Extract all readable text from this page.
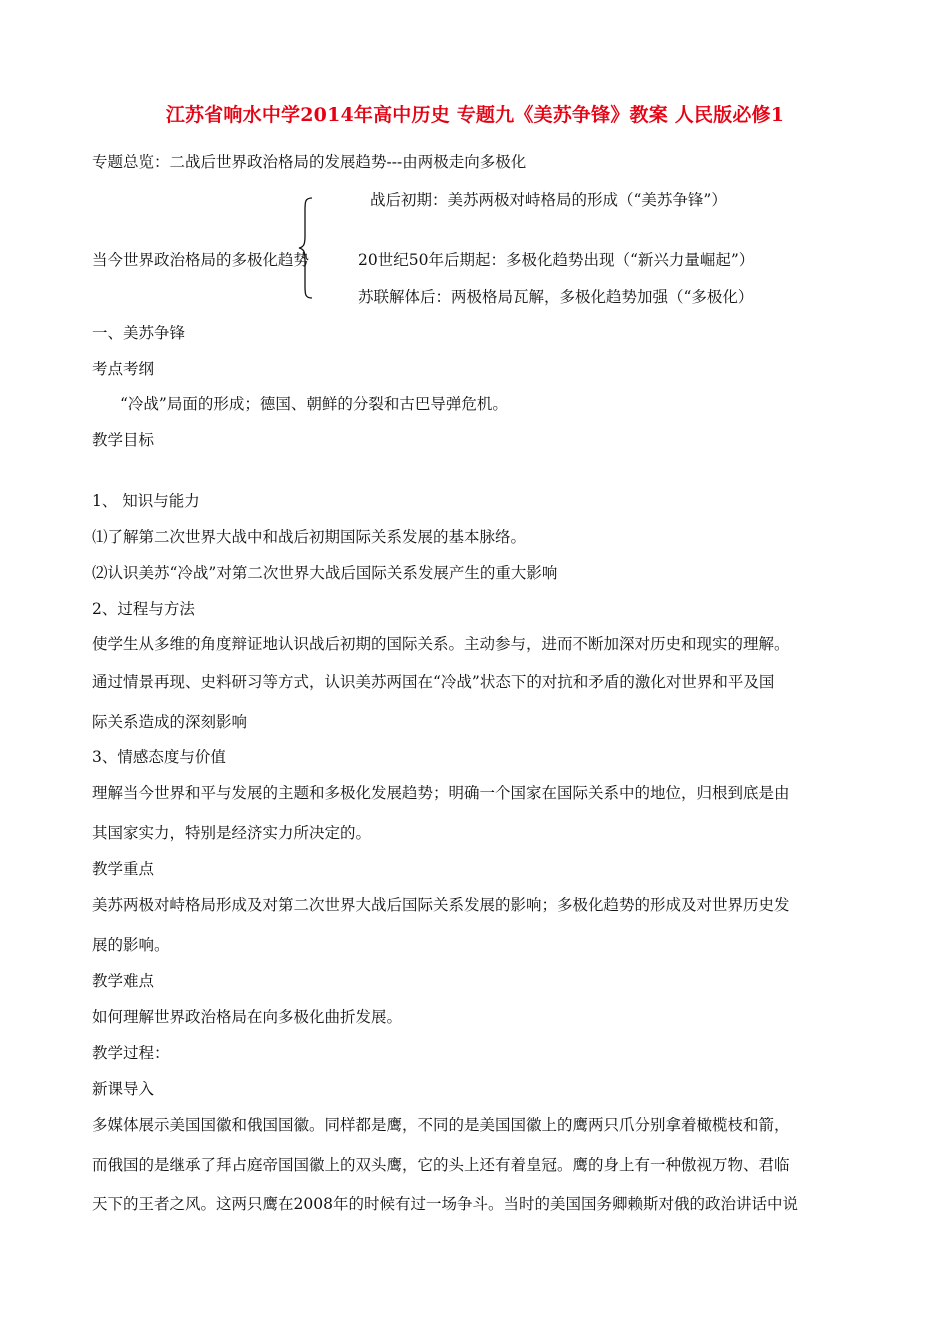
江苏省响水中学2014年高中历史 专题九《美苏争锋》教案 人民版必修1
专题总览：二战后世界政治格局的发展趋势---由两极走向多极化
战后初期：美苏两极对峙格局的形成（“美苏争锋”）
当今世界政治格局的多极化趋势	20世纪50年后期起：多极化趋势出现（“新兴力量崛起”）
苏联解体后：两极格局瓦解，多极化趋势加强（“多极化）
一、美苏争锋
考点考纲
“冷战”局面的形成；德国、朝鲜的分裂和古巴导弹危机。
教学目标
1、 知识与能力
⑴了解第二次世界大战中和战后初期国际关系发展的基本脉络。
⑵认识美苏“冷战”对第二次世界大战后国际关系发展产生的重大影响
2、过程与方法
使学生从多维的角度辩证地认识战后初期的国际关系。主动参与，进而不断加深对历史和现实的理解。
通过情景再现、史料研习等方式，认识美苏两国在“冷战”状态下的对抗和矛盾的激化对世界和平及国
际关系造成的深刻影响
3、情感态度与价值
理解当今世界和平与发展的主题和多极化发展趋势；明确一个国家在国际关系中的地位，归根到底是由
其国家实力，特别是经济实力所决定的。
教学重点
美苏两极对峙格局形成及对第二次世界大战后国际关系发展的影响；多极化趋势的形成及对世界历史发
展的影响。
教学难点
如何理解世界政治格局在向多极化曲折发展。
教学过程：
新课导入
多媒体展示美国国徽和俄国国徽。同样都是鹰，不同的是美国国徽上的鹰两只爪分别拿着橄榄枝和箭，
而俄国的是继承了拜占庭帝国国徽上的双头鹰，它的头上还有着皇冠。鹰的身上有一种傲视万物、君临
天下的王者之风。这两只鹰在2008年的时候有过一场争斗。当时的美国国务卿赖斯对俄的政治讲话中说
